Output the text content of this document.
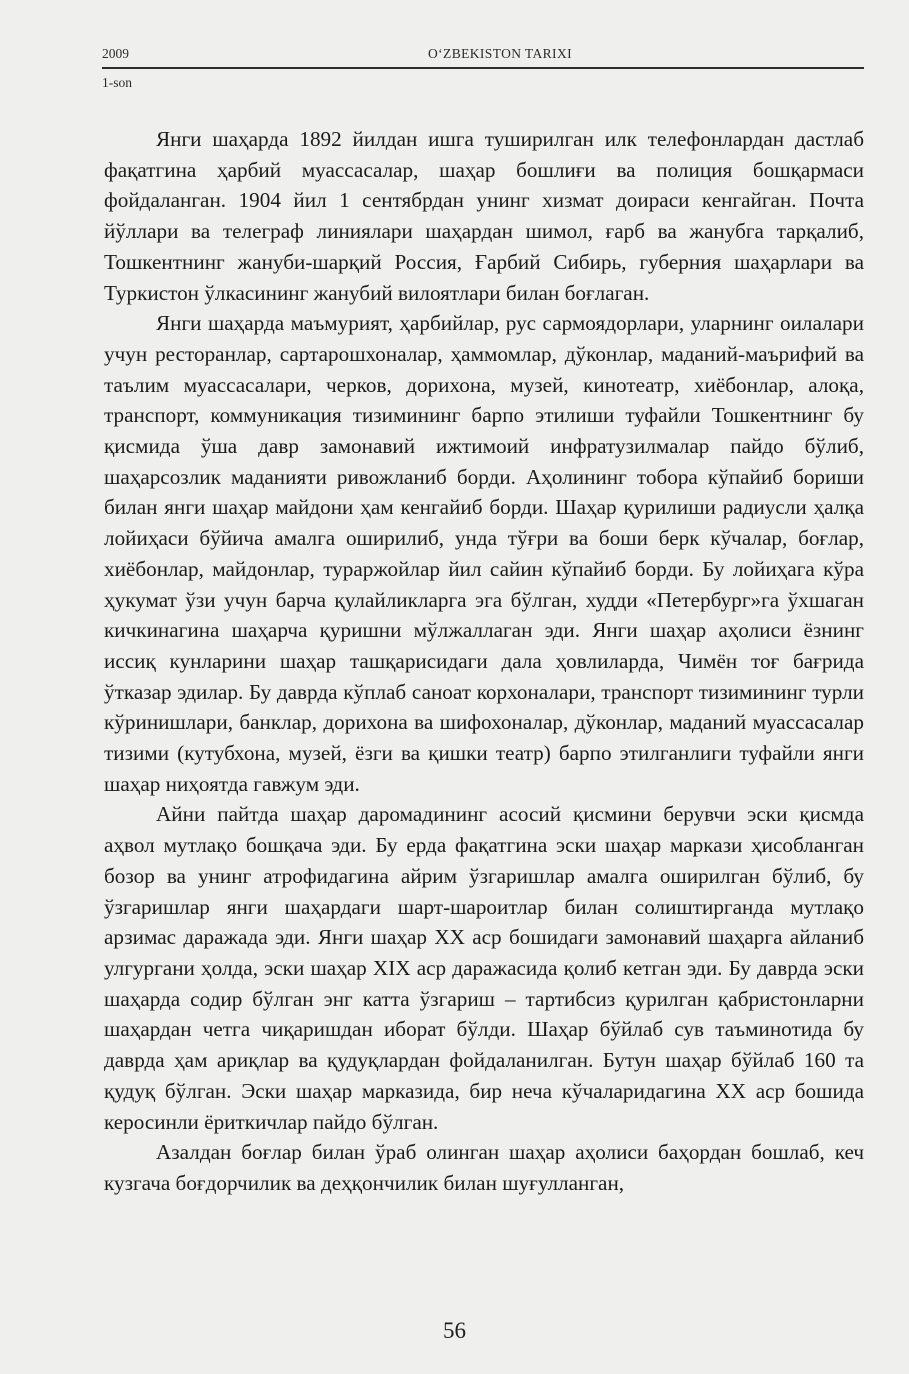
2009	O‘ZBEKISTON TARIXI
1-son

Янги шаҳарда 1892 йилдан ишга туширилган илк телефонлардан дастлаб фақатгина ҳарбий муассасалар, шаҳар бошлиғи ва полиция бошқармаси фойдаланган. 1904 йил 1 сентябрдан унинг хизмат доираси кенгайган. Почта йўллари ва телеграф линиялари шаҳардан шимол, ғарб ва жанубга тарқалиб, Тошкентнинг жануби-шарқий Россия, Ғарбий Сибирь, губерния шаҳарлари ва Туркистон ўлкасининг жанубий вилоятлари билан боғлаган.

Янги шаҳарда маъмурият, ҳарбийлар, рус сармоядорлари, уларнинг оилалари учун ресторанлар, сартарошхоналар, ҳаммомлар, дўконлар, маданий-маърифий ва таълим муассасалари, черков, дорихона, музей, кинотеатр, хиёбонлар, алоқа, транспорт, коммуникация тизимининг барпо этилиши туфайли Тошкентнинг бу қисмида ўша давр замонавий ижтимоий инфратузилмалар пайдо бўлиб, шаҳарсозлик маданияти ривожланиб борди. Аҳолининг тобора кўпайиб бориши билан янги шаҳар майдони ҳам кенгайиб борди. Шаҳар қурилиши радиусли ҳалқа лойиҳаси бўйича амалга оширилиб, унда тўғри ва боши берк кўчалар, боғлар, хиёбонлар, майдонлар, тураржойлар йил сайин кўпайиб борди. Бу лойиҳага кўра ҳукумат ўзи учун барча қулайликларга эга бўлган, худди «Петербург»га ўхшаган кичкинагина шаҳарча қуришни мўлжаллаган эди. Янги шаҳар аҳолиси ёзнинг иссиқ кунларини шаҳар ташқарисидаги дала ҳовлиларда, Чимён тоғ бағрида ўтказар эдилар. Бу даврда кўплаб саноат корхоналари, транспорт тизимининг турли кўринишлари, банклар, дорихона ва шифохоналар, дўконлар, маданий муассасалар тизими (кутубхона, музей, ёзги ва қишки театр) барпо этилганлиги туфайли янги шаҳар ниҳоятда гавжум эди.

Айни пайтда шаҳар даромадининг асосий қисмини берувчи эски қисмда аҳвол мутлақо бошқача эди. Бу ерда фақатгина эски шаҳар маркази ҳисобланган бозор ва унинг атрофидагина айрим ўзгаришлар амалга оширилган бўлиб, бу ўзгаришлар янги шаҳардаги шарт-шароитлар билан солиштирганда мутлақо арзимас даражада эди. Янги шаҳар XX аср бошидаги замонавий шаҳарга айланиб улгургани ҳолда, эски шаҳар XIX аср даражасида қолиб кетган эди. Бу даврда эски шаҳарда содир бўлган энг катта ўзгариш – тартибсиз қурилган қабристонларни шаҳардан четга чиқаришдан иборат бўлди. Шаҳар бўйлаб сув таъминотида бу даврда ҳам ариқлар ва қудуқлардан фойдаланилган. Бутун шаҳар бўйлаб 160 та қудуқ бўлган. Эски шаҳар марказида, бир неча кўчаларидагина XX аср бошида керосинли ёриткичлар пайдо бўлган.

Азалдан боғлар билан ўраб олинган шаҳар аҳолиси баҳордан бошлаб, кеч кузгача боғдорчилик ва деҳқончилик билан шуғулланган,

56
